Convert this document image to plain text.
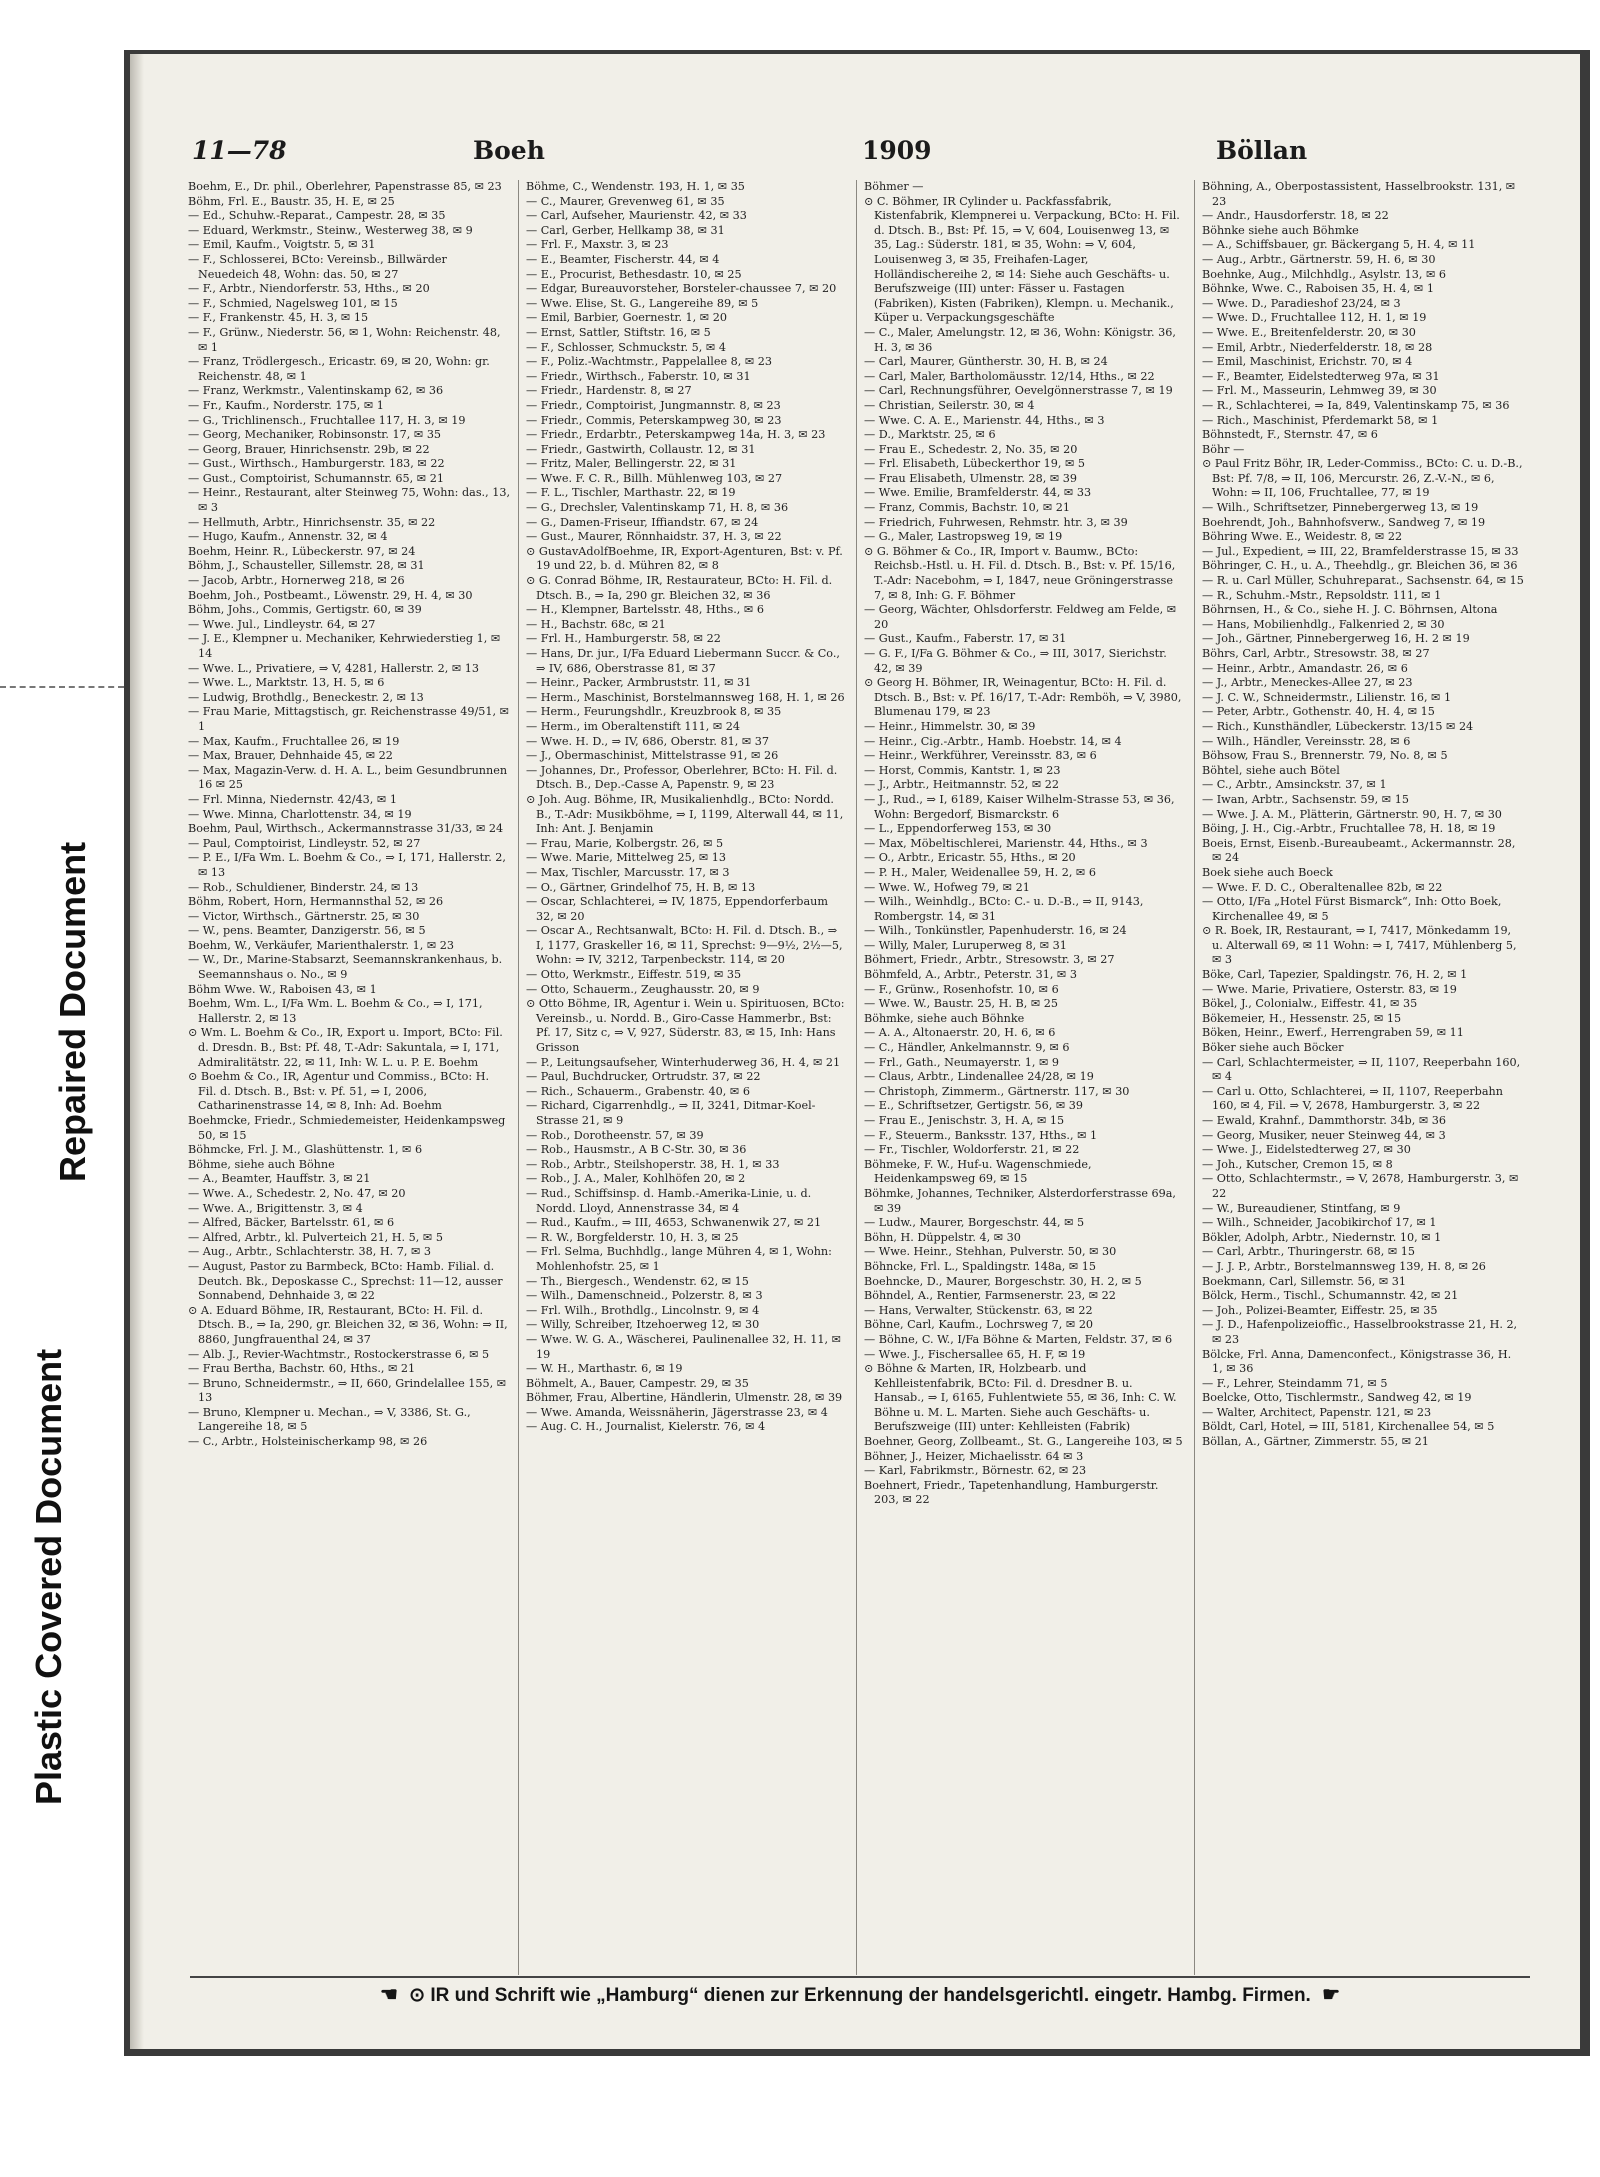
Plastic Covered Document
Repaired Document
11—78	Boeh	1909	Böllan

Boehm, E., Dr. phil., Oberlehrer, Papenstrasse 85, ✉ 23

Böhm, Frl. E., Baustr. 35, H. E, ✉ 25

— Ed., Schuhw.-Reparat., Campestr. 28, ✉ 35

— Eduard, Werkmstr., Steinw., Westerweg 38, ✉ 9

— Emil, Kaufm., Voigtstr. 5, ✉ 31

— F., Schlosserei, BCto: Vereinsb., Billwärder Neuedeich 48, Wohn: das. 50, ✉ 27

— F., Arbtr., Niendorferstr. 53, Hths., ✉ 20

— F., Schmied, Nagelsweg 101, ✉ 15

— F., Frankenstr. 45, H. 3, ✉ 15

— F., Grünw., Niederstr. 56, ✉ 1, Wohn: Reichenstr. 48, ✉ 1

— Franz, Trödlergesch., Ericastr. 69, ✉ 20, Wohn: gr. Reichenstr. 48, ✉ 1

— Franz, Werkmstr., Valentinskamp 62, ✉ 36

— Fr., Kaufm., Norderstr. 175, ✉ 1

— G., Trichlinensch., Fruchtallee 117, H. 3, ✉ 19

— Georg, Mechaniker, Robinsonstr. 17, ✉ 35

— Georg, Brauer, Hinrichsenstr. 29b, ✉ 22

— Gust., Wirthsch., Hamburgerstr. 183, ✉ 22

— Gust., Comptoirist, Schumannstr. 65, ✉ 21

— Heinr., Restaurant, alter Steinweg 75, Wohn: das., 13, ✉ 3

— Hellmuth, Arbtr., Hinrichsenstr. 35, ✉ 22

— Hugo, Kaufm., Annenstr. 32, ✉ 4

Boehm, Heinr. R., Lübeckerstr. 97, ✉ 24

Böhm, J., Schausteller, Sillemstr. 28, ✉ 31

— Jacob, Arbtr., Hornerweg 218, ✉ 26

Boehm, Joh., Postbeamt., Löwenstr. 29, H. 4, ✉ 30

Böhm, Johs., Commis, Gertigstr. 60, ✉ 39

— Wwe. Jul., Lindleystr. 64, ✉ 27

— J. E., Klempner u. Mechaniker, Kehrwiederstieg 1, ✉ 14

— Wwe. L., Privatiere, ⇒ V, 4281, Hallerstr. 2, ✉ 13

— Wwe. L., Marktstr. 13, H. 5, ✉ 6

— Ludwig, Brothdlg., Beneckestr. 2, ✉ 13

— Frau Marie, Mittagstisch, gr. Reichenstrasse 49/51, ✉ 1

— Max, Kaufm., Fruchtallee 26, ✉ 19

— Max, Brauer, Dehnhaide 45, ✉ 22

— Max, Magazin-Verw. d. H. A. L., beim Gesundbrunnen 16 ✉ 25

— Frl. Minna, Niedernstr. 42/43, ✉ 1

— Wwe. Minna, Charlottenstr. 34, ✉ 19

Boehm, Paul, Wirthsch., Ackermannstrasse 31/33, ✉ 24

— Paul, Comptoirist, Lindleystr. 52, ✉ 27

— P. E., I/Fa Wm. L. Boehm & Co., ⇒ I, 171, Hallerstr. 2, ✉ 13

— Rob., Schuldiener, Binderstr. 24, ✉ 13

Böhm, Robert, Horn, Hermannsthal 52, ✉ 26

— Victor, Wirthsch., Gärtnerstr. 25, ✉ 30

— W., pens. Beamter, Danzigerstr. 56, ✉ 5

Boehm, W., Verkäufer, Marienthalerstr. 1, ✉ 23

— W., Dr., Marine-Stabsarzt, Seemannskrankenhaus, b. Seemannshaus o. No., ✉ 9

Böhm Wwe. W., Raboisen 43, ✉ 1

Boehm, Wm. L., I/Fa Wm. L. Boehm & Co., ⇒ I, 171, Hallerstr. 2, ✉ 13

⊙ Wm. L. Boehm & Co., IR, Export u. Import, BCto: Fil. d. Dresdn. B., Bst: Pf. 48, T.-Adr: Sakuntala, ⇒ I, 171, Admiralitätstr. 22, ✉ 11, Inh: W. L. u. P. E. Boehm

⊙ Boehm & Co., IR, Agentur und Commiss., BCto: H. Fil. d. Dtsch. B., Bst: v. Pf. 51, ⇒ I, 2006, Catharinenstrasse 14, ✉ 8, Inh: Ad. Boehm

Boehmcke, Friedr., Schmiedemeister, Heidenkampsweg 50, ✉ 15

Böhmcke, Frl. J. M., Glashüttenstr. 1, ✉ 6

Böhme, siehe auch Böhne

— A., Beamter, Hauffstr. 3, ✉ 21

— Wwe. A., Schedestr. 2, No. 47, ✉ 20

— Wwe. A., Brigittenstr. 3, ✉ 4

— Alfred, Bäcker, Bartelsstr. 61, ✉ 6

— Alfred, Arbtr., kl. Pulverteich 21, H. 5, ✉ 5

— Aug., Arbtr., Schlachterstr. 38, H. 7, ✉ 3

— August, Pastor zu Barmbeck, BCto: Hamb. Filial. d. Deutch. Bk., Deposkasse C., Sprechst: 11—12, ausser Sonnabend, Dehnhaide 3, ✉ 22

⊙ A. Eduard Böhme, IR, Restaurant, BCto: H. Fil. d. Dtsch. B., ⇒ Ia, 290, gr. Bleichen 32, ✉ 36, Wohn: ⇒ II, 8860, Jungfrauenthal 24, ✉ 37

— Alb. J., Revier-Wachtmstr., Rostockerstrasse 6, ✉ 5

— Frau Bertha, Bachstr. 60, Hths., ✉ 21

— Bruno, Schneidermstr., ⇒ II, 660, Grindelallee 155, ✉ 13

— Bruno, Klempner u. Mechan., ⇒ V, 3386, St. G., Langereihe 18, ✉ 5

— C., Arbtr., Holsteinischerkamp 98, ✉ 26

Böhme, C., Wendenstr. 193, H. 1, ✉ 35

— C., Maurer, Grevenweg 61, ✉ 35

— Carl, Aufseher, Maurienstr. 42, ✉ 33

— Carl, Gerber, Hellkamp 38, ✉ 31

— Frl. F., Maxstr. 3, ✉ 23

— E., Beamter, Fischerstr. 44, ✉ 4

— E., Procurist, Bethesdastr. 10, ✉ 25

— Edgar, Bureauvorsteher, Borsteler-chaussee 7, ✉ 20

— Wwe. Elise, St. G., Langereihe 89, ✉ 5

— Emil, Barbier, Goernestr. 1, ✉ 20

— Ernst, Sattler, Stiftstr. 16, ✉ 5

— F., Schlosser, Schmuckstr. 5, ✉ 4

— F., Poliz.-Wachtmstr., Pappelallee 8, ✉ 23

— Friedr., Wirthsch., Faberstr. 10, ✉ 31

— Friedr., Hardenstr. 8, ✉ 27

— Friedr., Comptoirist, Jungmannstr. 8, ✉ 23

— Friedr., Commis, Peterskampweg 30, ✉ 23

— Friedr., Erdarbtr., Peterskampweg 14a, H. 3, ✉ 23

— Friedr., Gastwirth, Collaustr. 12, ✉ 31

— Fritz, Maler, Bellingerstr. 22, ✉ 31

— Wwe. F. C. R., Billh. Mühlenweg 103, ✉ 27

— F. L., Tischler, Marthastr. 22, ✉ 19

— G., Drechsler, Valentinskamp 71, H. 8, ✉ 36

— G., Damen-Friseur, Iffiandstr. 67, ✉ 24

— Gust., Maurer, Rönnhaidstr. 37, H. 3, ✉ 22

⊙ GustavAdolfBoehme, IR, Export-Agenturen, Bst: v. Pf. 19 und 22, b. d. Mühren 82, ✉ 8

⊙ G. Conrad Böhme, IR, Restaurateur, BCto: H. Fil. d. Dtsch. B., ⇒ Ia, 290 gr. Bleichen 32, ✉ 36

— H., Klempner, Bartelsstr. 48, Hths., ✉ 6

— H., Bachstr. 68c, ✉ 21

— Frl. H., Hamburgerstr. 58, ✉ 22

— Hans, Dr. jur., I/Fa Eduard Liebermann Succr. & Co., ⇒ IV, 686, Oberstrasse 81, ✉ 37

— Heinr., Packer, Armbruststr. 11, ✉ 31

— Herm., Maschinist, Borstelmannsweg 168, H. 1, ✉ 26

— Herm., Feurungshdlr., Kreuzbrook 8, ✉ 35

— Herm., im Oberaltenstift 111, ✉ 24

— Wwe. H. D., ⇒ IV, 686, Oberstr. 81, ✉ 37

— J., Obermaschinist, Mittelstrasse 91, ✉ 26

— Johannes, Dr., Professor, Oberlehrer, BCto: H. Fil. d. Dtsch. B., Dep.-Casse A, Papenstr. 9, ✉ 23

⊙ Joh. Aug. Böhme, IR, Musikalienhdlg., BCto: Nordd. B., T.-Adr: Musikböhme, ⇒ I, 1199, Alterwall 44, ✉ 11, Inh: Ant. J. Benjamin

— Frau, Marie, Kolbergstr. 26, ✉ 5

— Wwe. Marie, Mittelweg 25, ✉ 13

— Max, Tischler, Marcusstr. 17, ✉ 3

— O., Gärtner, Grindelhof 75, H. B, ✉ 13

— Oscar, Schlachterei, ⇒ IV, 1875, Eppendorferbaum 32, ✉ 20

— Oscar A., Rechtsanwalt, BCto: H. Fil. d. Dtsch. B., ⇒ I, 1177, Graskeller 16, ✉ 11, Sprechst: 9—9½, 2½—5, Wohn: ⇒ IV, 3212, Tarpenbeckstr. 114, ✉ 20

— Otto, Werkmstr., Eiffestr. 519, ✉ 35

— Otto, Schauerm., Zeughausstr. 20, ✉ 9

⊙ Otto Böhme, IR, Agentur i. Wein u. Spirituosen, BCto: Vereinsb., u. Nordd. B., Giro-Casse Hammerbr., Bst: Pf. 17, Sitz c, ⇒ V, 927, Süderstr. 83, ✉ 15, Inh: Hans Grisson

— P., Leitungsaufseher, Winterhuderweg 36, H. 4, ✉ 21

— Paul, Buchdrucker, Ortrudstr. 37, ✉ 22

— Rich., Schauerm., Grabenstr. 40, ✉ 6

— Richard, Cigarrenhdlg., ⇒ II, 3241, Ditmar-Koel-Strasse 21, ✉ 9

— Rob., Dorotheenstr. 57, ✉ 39

— Rob., Hausmstr., A B C-Str. 30, ✉ 36

— Rob., Arbtr., Steilshoperstr. 38, H. 1, ✉ 33

— Rob., J. A., Maler, Kohlhöfen 20, ✉ 2

— Rud., Schiffsinsp. d. Hamb.-Amerika-Linie, u. d. Nordd. Lloyd, Annenstrasse 34, ✉ 4

— Rud., Kaufm., ⇒ III, 4653, Schwanenwik 27, ✉ 21

— R. W., Borgfelderstr. 10, H. 3, ✉ 25

— Frl. Selma, Buchhdlg., lange Mühren 4, ✉ 1, Wohn: Mohlenhofstr. 25, ✉ 1

— Th., Biergesch., Wendenstr. 62, ✉ 15

— Wilh., Damenschneid., Polzerstr. 8, ✉ 3

— Frl. Wilh., Brothdlg., Lincolnstr. 9, ✉ 4

— Willy, Schreiber, Itzehoerweg 12, ✉ 30

— Wwe. W. G. A., Wäscherei, Paulinenallee 32, H. 11, ✉ 19

— W. H., Marthastr. 6, ✉ 19

Böhmelt, A., Bauer, Campestr. 29, ✉ 35

Böhmer, Frau, Albertine, Händlerin, Ulmenstr. 28, ✉ 39

— Wwe. Amanda, Weissnäherin, Jägerstrasse 23, ✉ 4

— Aug. C. H., Journalist, Kielerstr. 76, ✉ 4

Böhmer —

⊙ C. Böhmer, IR Cylinder u. Packfassfabrik, Kistenfabrik, Klempnerei u. Verpackung, BCto: H. Fil. d. Dtsch. B., Bst: Pf. 15, ⇒ V, 604, Louisenweg 13, ✉ 35, Lag.: Süderstr. 181, ✉ 35, Wohn: ⇒ V, 604, Louisenweg 3, ✉ 35, Freihafen-Lager, Holländischereihe 2, ✉ 14: Siehe auch Geschäfts- u. Berufszweige (III) unter: Fässer u. Fastagen (Fabriken), Kisten (Fabriken), Klempn. u. Mechanik., Küper u. Verpackungsgeschäfte

— C., Maler, Amelungstr. 12, ✉ 36, Wohn: Königstr. 36, H. 3, ✉ 36

— Carl, Maurer, Güntherstr. 30, H. B, ✉ 24

— Carl, Maler, Bartholomäusstr. 12/14, Hths., ✉ 22

— Carl, Rechnungsführer, Oevelgönnerstrasse 7, ✉ 19

— Christian, Seilerstr. 30, ✉ 4

— Wwe. C. A. E., Marienstr. 44, Hths., ✉ 3

— D., Marktstr. 25, ✉ 6

— Frau E., Schedestr. 2, No. 35, ✉ 20

— Frl. Elisabeth, Lübeckerthor 19, ✉ 5

— Frau Elisabeth, Ulmenstr. 28, ✉ 39

— Wwe. Emilie, Bramfelderstr. 44, ✉ 33

— Franz, Commis, Bachstr. 10, ✉ 21

— Friedrich, Fuhrwesen, Rehmstr. htr. 3, ✉ 39

— G., Maler, Lastropsweg 19, ✉ 19

⊙ G. Böhmer & Co., IR, Import v. Baumw., BCto: Reichsb.-Hstl. u. H. Fil. d. Dtsch. B., Bst: v. Pf. 15/16, T.-Adr: Nacebohm, ⇒ I, 1847, neue Gröningerstrasse 7, ✉ 8, Inh: G. F. Böhmer

— Georg, Wächter, Ohlsdorferstr. Feldweg am Felde, ✉ 20

— Gust., Kaufm., Faberstr. 17, ✉ 31

— G. F., I/Fa G. Böhmer & Co., ⇒ III, 3017, Sierichstr. 42, ✉ 39

⊙ Georg H. Böhmer, IR, Weinagentur, BCto: H. Fil. d. Dtsch. B., Bst: v. Pf. 16/17, T.-Adr: Remböh, ⇒ V, 3980, Blumenau 179, ✉ 23

— Heinr., Himmelstr. 30, ✉ 39

— Heinr., Cig.-Arbtr., Hamb. Hoebstr. 14, ✉ 4

— Heinr., Werkführer, Vereinsstr. 83, ✉ 6

— Horst, Commis, Kantstr. 1, ✉ 23

— J., Arbtr., Heitmannstr. 52, ✉ 22

— J., Rud., ⇒ I, 6189, Kaiser Wilhelm-Strasse 53, ✉ 36, Wohn: Bergedorf, Bismarckstr. 6

— L., Eppendorferweg 153, ✉ 30

— Max, Möbeltischlerei, Marienstr. 44, Hths., ✉ 3

— O., Arbtr., Ericastr. 55, Hths., ✉ 20

— P. H., Maler, Weidenallee 59, H. 2, ✉ 6

— Wwe. W., Hofweg 79, ✉ 21

— Wilh., Weinhdlg., BCto: C.- u. D.-B., ⇒ II, 9143, Rombergstr. 14, ✉ 31

— Wilh., Tonkünstler, Papenhuderstr. 16, ✉ 24

— Willy, Maler, Luruperweg 8, ✉ 31

Böhmert, Friedr., Arbtr., Stresowstr. 3, ✉ 27

Böhmfeld, A., Arbtr., Peterstr. 31, ✉ 3

— F., Grünw., Rosenhofstr. 10, ✉ 6

— Wwe. W., Baustr. 25, H. B, ✉ 25

Böhmke, siehe auch Böhnke

— A. A., Altonaerstr. 20, H. 6, ✉ 6

— C., Händler, Ankelmannstr. 9, ✉ 6

— Frl., Gath., Neumayerstr. 1, ✉ 9

— Claus, Arbtr., Lindenallee 24/28, ✉ 19

— Christoph, Zimmerm., Gärtnerstr. 117, ✉ 30

— E., Schriftsetzer, Gertigstr. 56, ✉ 39

— Frau E., Jenischstr. 3, H. A, ✉ 15

— F., Steuerm., Banksstr. 137, Hths., ✉ 1

— Fr., Tischler, Woldorferstr. 21, ✉ 22

Böhmeke, F. W., Huf-u. Wagenschmiede, Heidenkampsweg 69, ✉ 15

Böhmke, Johannes, Techniker, Alsterdorferstrasse 69a, ✉ 39

— Ludw., Maurer, Borgeschstr. 44, ✉ 5

Böhn, H. Düppelstr. 4, ✉ 30

— Wwe. Heinr., Stehhan, Pulverstr. 50, ✉ 30

Böhncke, Frl. L., Spaldingstr. 148a, ✉ 15

Boehncke, D., Maurer, Borgeschstr. 30, H. 2, ✉ 5

Böhndel, A., Rentier, Farmsenerstr. 23, ✉ 22

— Hans, Verwalter, Stückenstr. 63, ✉ 22

Böhne, Carl, Kaufm., Lochrsweg 7, ✉ 20

— Böhne, C. W., I/Fa Böhne & Marten, Feldstr. 37, ✉ 6

— Wwe. J., Fischersallee 65, H. F, ✉ 19

⊙ Böhne & Marten, IR, Holzbearb. und Kehlleistenfabrik, BCto: Fil. d. Dresdner B. u. Hansab., ⇒ I, 6165, Fuhlentwiete 55, ✉ 36, Inh: C. W. Böhne u. M. L. Marten. Siehe auch Geschäfts- u. Berufszweige (III) unter: Kehlleisten (Fabrik)

Boehner, Georg, Zollbeamt., St. G., Langereihe 103, ✉ 5

Böhner, J., Heizer, Michaelisstr. 64 ✉ 3

— Karl, Fabrikmstr., Börnestr. 62, ✉ 23

Boehnert, Friedr., Tapetenhandlung, Hamburgerstr. 203, ✉ 22

Böhning, A., Oberpostassistent, Hasselbrookstr. 131, ✉ 23

— Andr., Hausdorferstr. 18, ✉ 22

Böhnke siehe auch Böhmke

— A., Schiffsbauer, gr. Bäckergang 5, H. 4, ✉ 11

— Aug., Arbtr., Gärtnerstr. 59, H. 6, ✉ 30

Boehnke, Aug., Milchhdlg., Asylstr. 13, ✉ 6

Böhnke, Wwe. C., Raboisen 35, H. 4, ✉ 1

— Wwe. D., Paradieshof 23/24, ✉ 3

— Wwe. D., Fruchtallee 112, H. 1, ✉ 19

— Wwe. E., Breitenfelderstr. 20, ✉ 30

— Emil, Arbtr., Niederfelderstr. 18, ✉ 28

— Emil, Maschinist, Erichstr. 70, ✉ 4

— F., Beamter, Eidelstedterweg 97a, ✉ 31

— Frl. M., Masseurin, Lehmweg 39, ✉ 30

— R., Schlachterei, ⇒ Ia, 849, Valentinskamp 75, ✉ 36

— Rich., Maschinist, Pferdemarkt 58, ✉ 1

Böhnstedt, F., Sternstr. 47, ✉ 6

Böhr —

⊙ Paul Fritz Böhr, IR, Leder-Commiss., BCto: C. u. D.-B., Bst: Pf. 7/8, ⇒ II, 106, Mercurstr. 26, Z.-V.-N., ✉ 6, Wohn: ⇒ II, 106, Fruchtallee, 77, ✉ 19

— Wilh., Schriftsetzer, Pinnebergerweg 13, ✉ 19

Boehrendt, Joh., Bahnhofsverw., Sandweg 7, ✉ 19

Böhring Wwe. E., Weidestr. 8, ✉ 22

— Jul., Expedient, ⇒ III, 22, Bramfelderstrasse 15, ✉ 33

Böhringer, C. H., u. A., Theehdlg., gr. Bleichen 36, ✉ 36

— R. u. Carl Müller, Schuhreparat., Sachsenstr. 64, ✉ 15

— R., Schuhm.-Mstr., Repsoldstr. 111, ✉ 1

Böhrnsen, H., & Co., siehe H. J. C. Böhrnsen, Altona

— Hans, Mobilienhdlg., Falkenried 2, ✉ 30

— Joh., Gärtner, Pinnebergerweg 16, H. 2 ✉ 19

Böhrs, Carl, Arbtr., Stresowstr. 38, ✉ 27

— Heinr., Arbtr., Amandastr. 26, ✉ 6

— J., Arbtr., Meneckes-Allee 27, ✉ 23

— J. C. W., Schneidermstr., Lilienstr. 16, ✉ 1

— Peter, Arbtr., Gothenstr. 40, H. 4, ✉ 15

— Rich., Kunsthändler, Lübeckerstr. 13/15 ✉ 24

— Wilh., Händler, Vereinsstr. 28, ✉ 6

Böhsow, Frau S., Brennerstr. 79, No. 8, ✉ 5

Böhtel, siehe auch Bötel

— C., Arbtr., Amsinckstr. 37, ✉ 1

— Iwan, Arbtr., Sachsenstr. 59, ✉ 15

— Wwe. J. A. M., Plätterin, Gärtnerstr. 90, H. 7, ✉ 30

Böing, J. H., Cig.-Arbtr., Fruchtallee 78, H. 18, ✉ 19

Boeis, Ernst, Eisenb.-Bureaubeamt., Ackermannstr. 28, ✉ 24

Boek siehe auch Boeck

— Wwe. F. D. C., Oberaltenallee 82b, ✉ 22

— Otto, I/Fa „Hotel Fürst Bismarck“, Inh: Otto Boek, Kirchenallee 49, ✉ 5

⊙ R. Boek, IR, Restaurant, ⇒ I, 7417, Mönkedamm 19, u. Alterwall 69, ✉ 11 Wohn: ⇒ I, 7417, Mühlenberg 5, ✉ 3

Böke, Carl, Tapezier, Spaldingstr. 76, H. 2, ✉ 1

— Wwe. Marie, Privatiere, Osterstr. 83, ✉ 19

Bökel, J., Colonialw., Eiffestr. 41, ✉ 35

Bökemeier, H., Hessenstr. 25, ✉ 15

Böken, Heinr., Ewerf., Herrengraben 59, ✉ 11

Böker siehe auch Böcker

— Carl, Schlachtermeister, ⇒ II, 1107, Reeperbahn 160, ✉ 4

— Carl u. Otto, Schlachterei, ⇒ II, 1107, Reeperbahn 160, ✉ 4, Fil. ⇒ V, 2678, Hamburgerstr. 3, ✉ 22

— Ewald, Krahnf., Dammthorstr. 34b, ✉ 36

— Georg, Musiker, neuer Steinweg 44, ✉ 3

— Wwe. J., Eidelstedterweg 27, ✉ 30

— Joh., Kutscher, Cremon 15, ✉ 8

— Otto, Schlachtermstr., ⇒ V, 2678, Hamburgerstr. 3, ✉ 22

— W., Bureaudiener, Stintfang, ✉ 9

— Wilh., Schneider, Jacobikirchof 17, ✉ 1

Bökler, Adolph, Arbtr., Niedernstr. 10, ✉ 1

— Carl, Arbtr., Thuringerstr. 68, ✉ 15

— J. J. P., Arbtr., Borstelmannsweg 139, H. 8, ✉ 26

Boekmann, Carl, Sillemstr. 56, ✉ 31

Bölck, Herm., Tischl., Schumannstr. 42, ✉ 21

— Joh., Polizei-Beamter, Eiffestr. 25, ✉ 35

— J. D., Hafenpolizeioffic., Hasselbrookstrasse 21, H. 2, ✉ 23

Bölcke, Frl. Anna, Damenconfect., Königstrasse 36, H. 1, ✉ 36

— F., Lehrer, Steindamm 71, ✉ 5

Boelcke, Otto, Tischlermstr., Sandweg 42, ✉ 19

— Walter, Architect, Papenstr. 121, ✉ 23

Böldt, Carl, Hotel, ⇒ III, 5181, Kirchenallee 54, ✉ 5

Böllan, A., Gärtner, Zimmerstr. 55, ✉ 21

☚ ⊙ IR und Schrift wie „Hamburg“ dienen zur Erkennung der handelsgerichtl. eingetr. Hambg. Firmen. ☛
